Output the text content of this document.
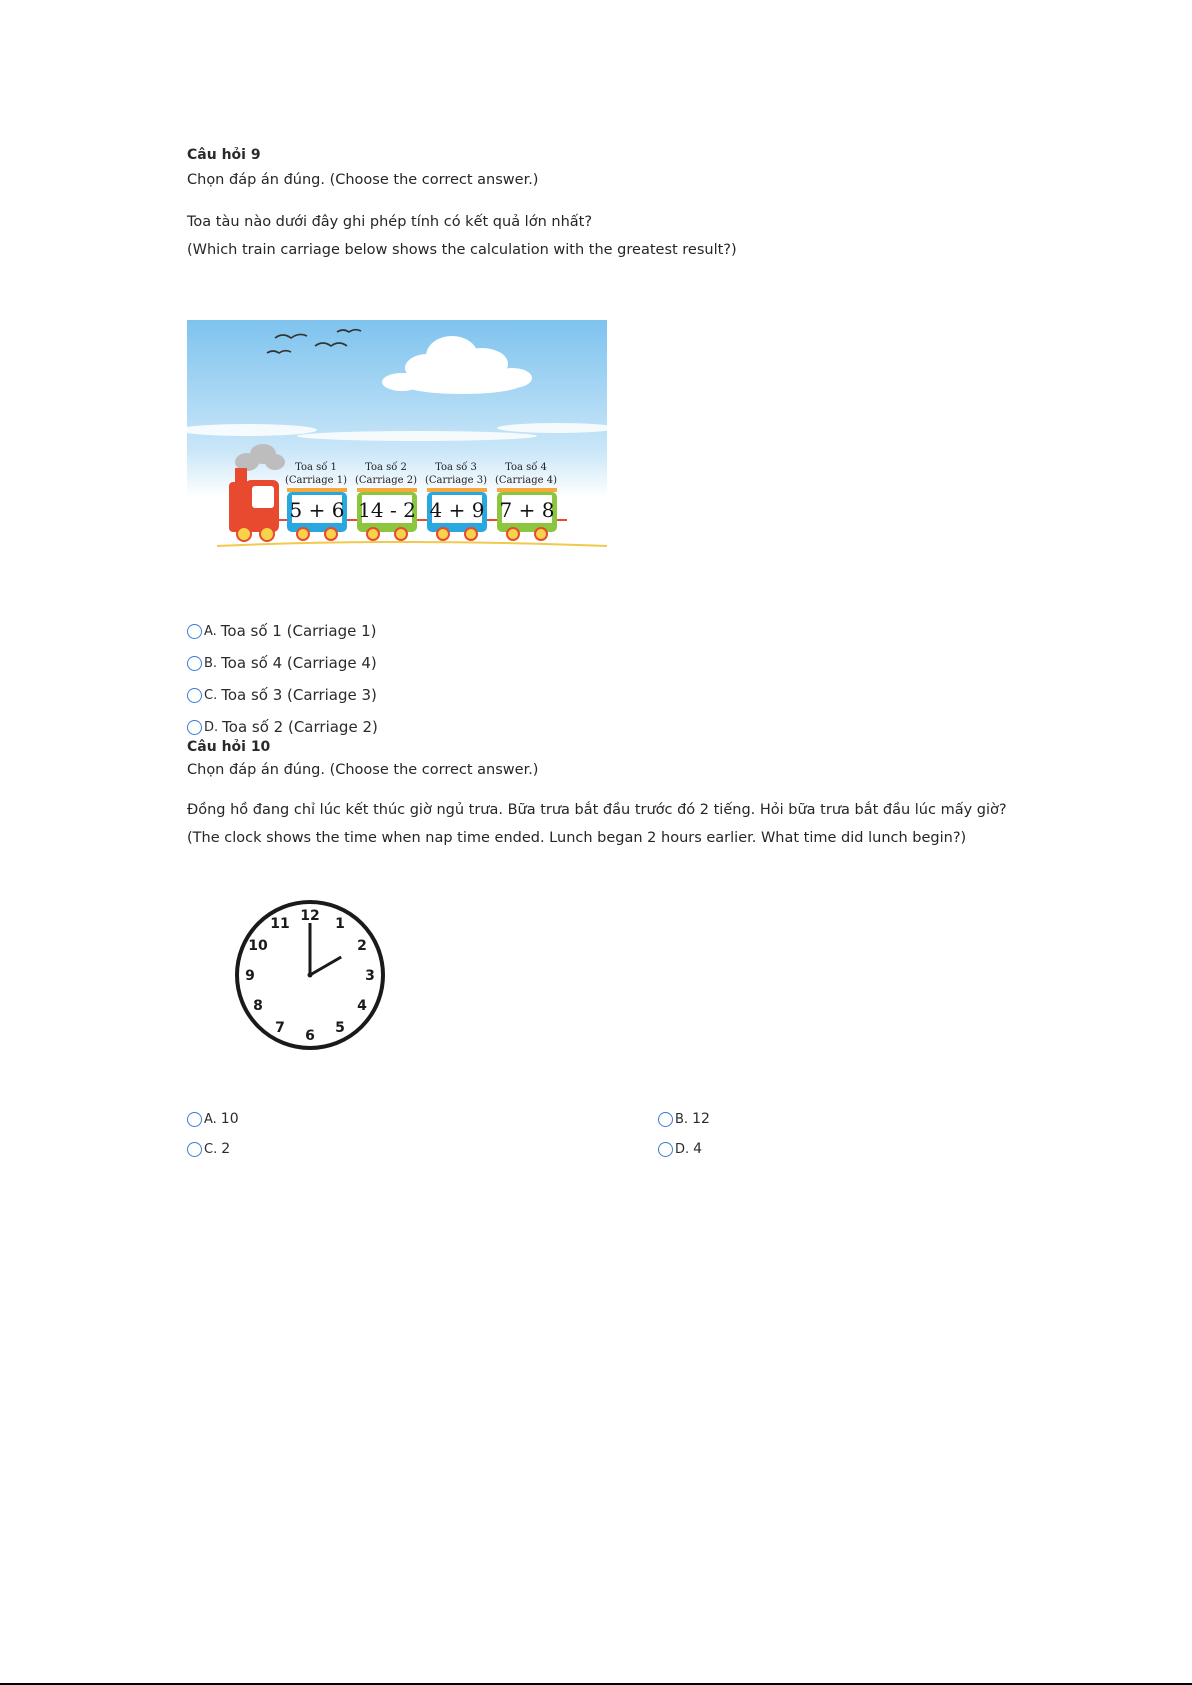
Câu hỏi 9
Chọn đáp án đúng. (Choose the correct answer.)
Toa tàu nào dưới đây ghi phép tính có kết quả lớn nhất?
(Which train carriage below shows the calculation with the greatest result?)
Toa số 1
(Carriage 1)
5 + 6
Toa số 2
(Carriage 2)
14 - 2
Toa số 3
(Carriage 3)
4 + 9
Toa số 4
(Carriage 4)
7 + 8
A. Toa số 1 (Carriage 1)
B. Toa số 4 (Carriage 4)
C. Toa số 3 (Carriage 3)
D. Toa số 2 (Carriage 2)
Câu hỏi 10
Chọn đáp án đúng. (Choose the correct answer.)
Đồng hồ đang chỉ lúc kết thúc giờ ngủ trưa. Bữa trưa bắt đầu trước đó 2 tiếng. Hỏi bữa trưa bắt đầu lúc mấy giờ?
(The clock shows the time when nap time ended. Lunch began 2 hours earlier. What time did lunch begin?)
12
1
2
3
4
5
6
7
8
9
10
11
A. 10	B. 12
C. 2	D. 4
